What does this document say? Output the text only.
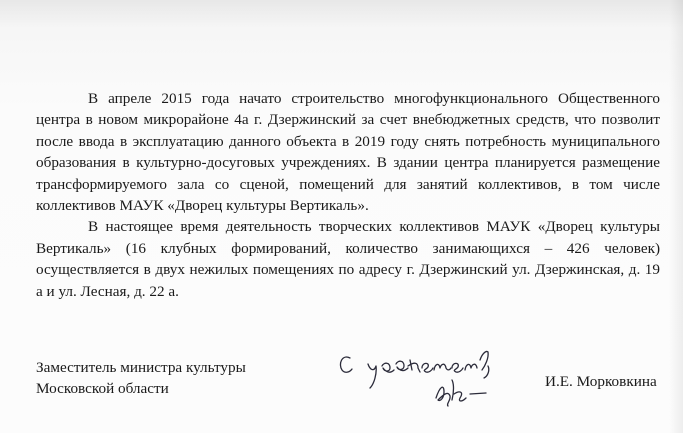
В апреле 2015 года начато строительство многофункционального Общественного центра в новом микрорайоне 4а г. Дзержинский за счет внебюджетных средств, что позволит после ввода в эксплуатацию данного объекта в 2019 году снять потребность муниципального образования в культурно-досуговых учреждениях. В здании центра планируется размещение трансформируемого зала со сценой, помещений для занятий коллективов, в том числе коллективов МАУК «Дворец культуры Вертикаль».

В настоящее время деятельность творческих коллективов МАУК «Дворец культуры Вертикаль» (16 клубных формирований, количество занимающихся – 426 человек) осуществляется в двух нежилых помещениях по адресу г. Дзержинский ул. Дзержинская, д. 19 а и ул. Лесная, д. 22 а.

Заместитель министра культуры
Московской области	И.Е. Морковкина
